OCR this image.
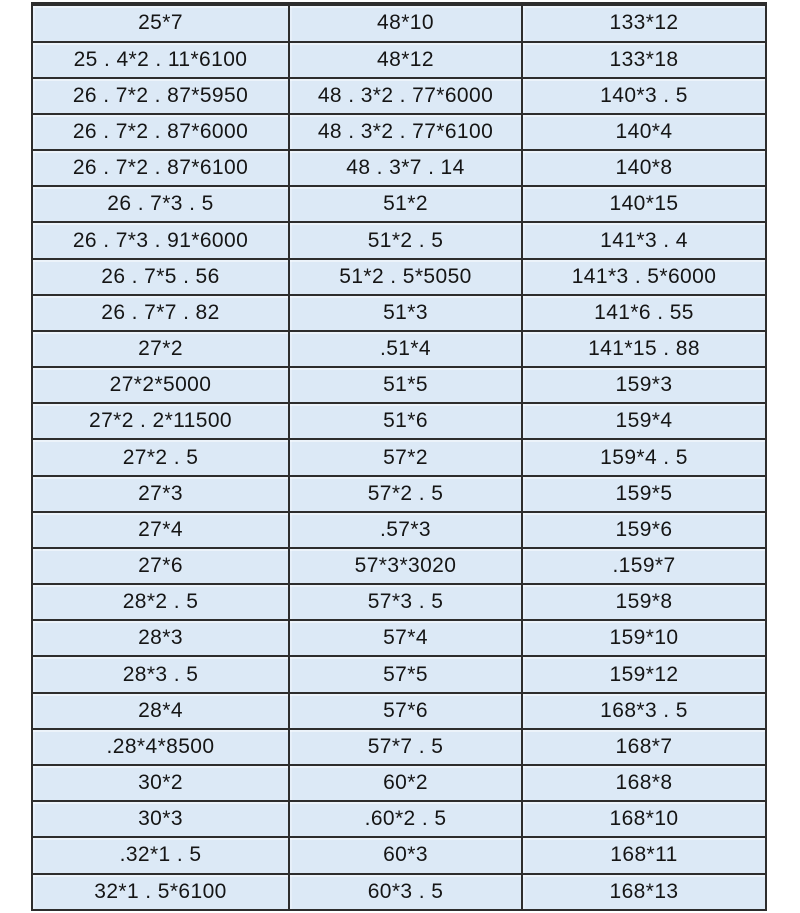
25*7	48*10	133*12
25 . 4*2 . 11*6100	48*12	133*18
26 . 7*2 . 87*5950	48 . 3*2 . 77*6000	140*3 . 5
26 . 7*2 . 87*6000	48 . 3*2 . 77*6100	140*4
26 . 7*2 . 87*6100	48 . 3*7 . 14	140*8
26 . 7*3 . 5	51*2	140*15
26 . 7*3 . 91*6000	51*2 . 5	141*3 . 4
26 . 7*5 . 56	51*2 . 5*5050	141*3 . 5*6000
26 . 7*7 . 82	51*3	141*6 . 55
27*2	.51*4	141*15 . 88
27*2*5000	51*5	159*3
27*2 . 2*11500	51*6	159*4
27*2 . 5	57*2	159*4 . 5
27*3	57*2 . 5	159*5
27*4	.57*3	159*6
27*6	57*3*3020	.159*7
28*2 . 5	57*3 . 5	159*8
28*3	57*4	159*10
28*3 . 5	57*5	159*12
28*4	57*6	168*3 . 5
.28*4*8500	57*7 . 5	168*7
30*2	60*2	168*8
30*3	.60*2 . 5	168*10
.32*1 . 5	60*3	168*11
32*1 . 5*6100	60*3 . 5	168*13
